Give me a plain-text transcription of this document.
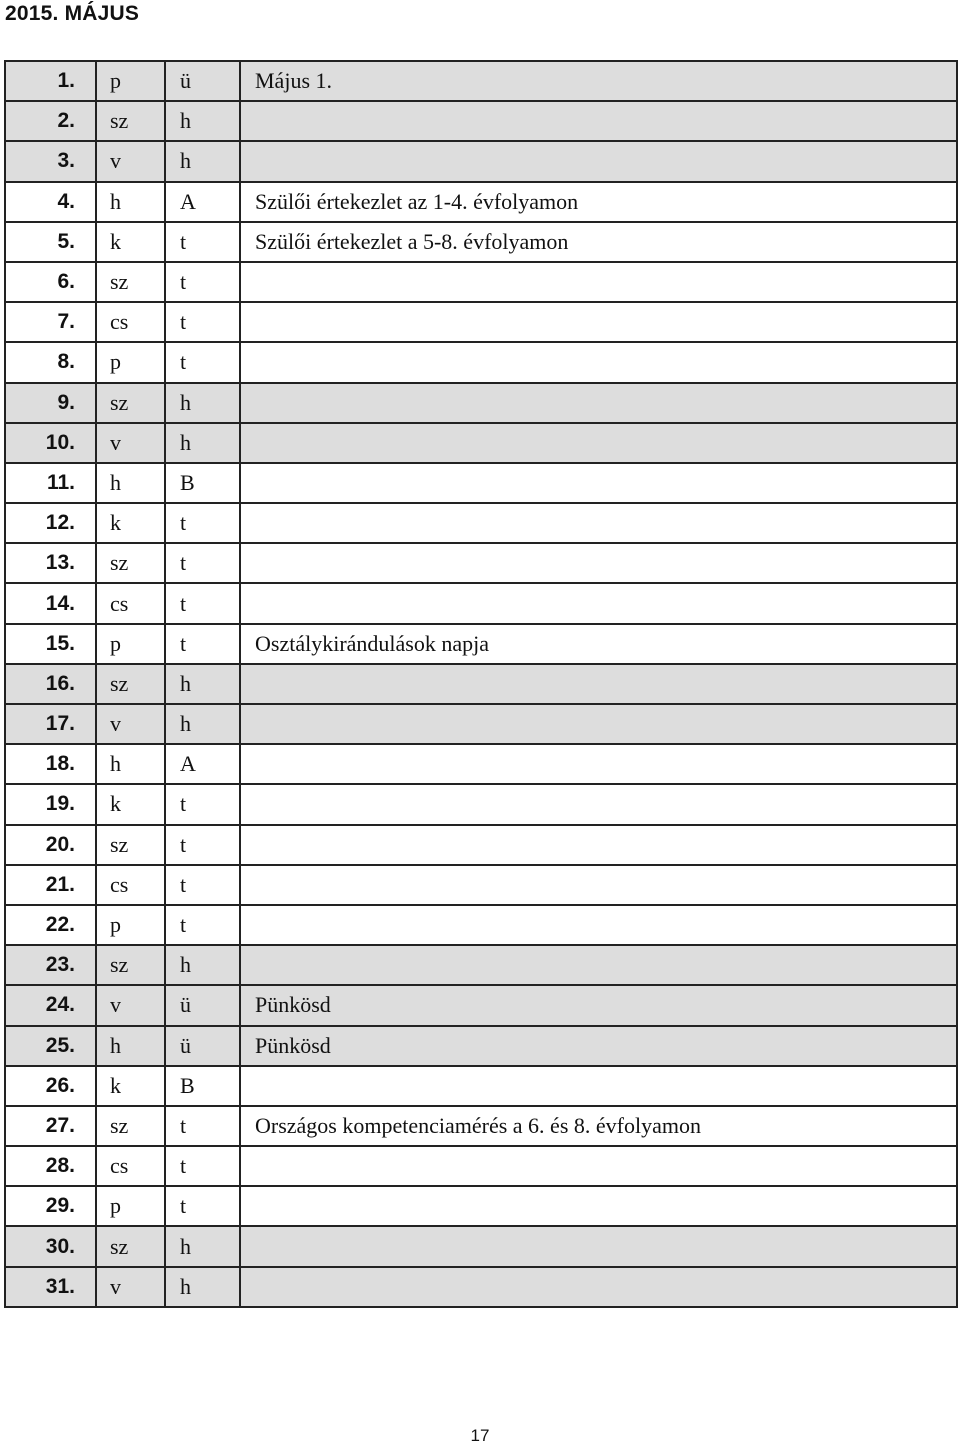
2015. MÁJUS
1.	p	ü	Május 1.
2.	sz	h	
3.	v	h	
4.	h	A	Szülői értekezlet az 1-4. évfolyamon
5.	k	t	Szülői értekezlet a 5-8. évfolyamon
6.	sz	t	
7.	cs	t	
8.	p	t	
9.	sz	h	
10.	v	h	
11.	h	B	
12.	k	t	
13.	sz	t	
14.	cs	t	
15.	p	t	Osztálykirándulások napja
16.	sz	h	
17.	v	h	
18.	h	A	
19.	k	t	
20.	sz	t	
21.	cs	t	
22.	p	t	
23.	sz	h	
24.	v	ü	Pünkösd
25.	h	ü	Pünkösd
26.	k	B	
27.	sz	t	Országos kompetenciamérés a 6. és 8. évfolyamon
28.	cs	t	
29.	p	t	
30.	sz	h	
31.	v	h	
17
